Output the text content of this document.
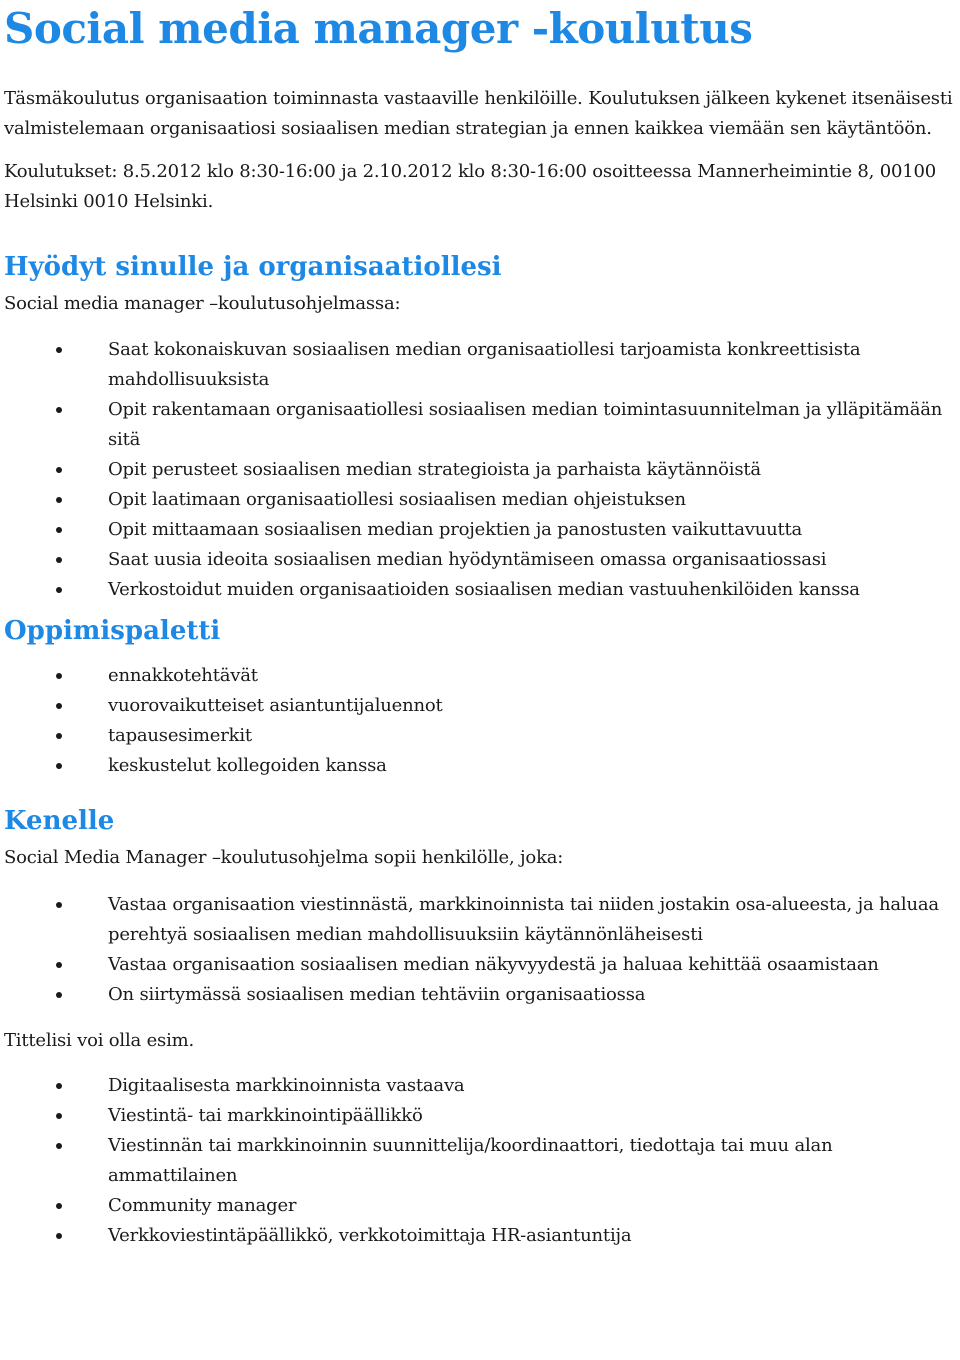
Social media manager -koulutus

Täsmäkoulutus organisaation toiminnasta vastaaville henkilöille. Koulutuksen jälkeen kykenet itsenäisesti valmistelemaan organisaatiosi sosiaalisen median strategian ja ennen kaikkea viemään sen käytäntöön.

Koulutukset: 8.5.2012 klo 8:30-16:00 ja 2.10.2012 klo 8:30-16:00 osoitteessa Mannerheimintie 8, 00100 Helsinki 0010 Helsinki.

Hyödyt sinulle ja organisaatiollesi

Social media manager –koulutusohjelmassa:

Saat kokonaiskuvan sosiaalisen median organisaatiollesi tarjoamista konkreettisista mahdollisuuksista
Opit rakentamaan organisaatiollesi sosiaalisen median toimintasuunnitelman ja ylläpitämään sitä
Opit perusteet sosiaalisen median strategioista ja parhaista käytännöistä
Opit laatimaan organisaatiollesi sosiaalisen median ohjeistuksen
Opit mittaamaan sosiaalisen median projektien ja panostusten vaikuttavuutta
Saat uusia ideoita sosiaalisen median hyödyntämiseen omassa organisaatiossasi
Verkostoidut muiden organisaatioiden sosiaalisen median vastuuhenkilöiden kanssa
Oppimispaletti
ennakkotehtävät
vuorovaikutteiset asiantuntijaluennot
tapausesimerkit
keskustelut kollegoiden kanssa
Kenelle

Social Media Manager –koulutusohjelma sopii henkilölle, joka:

Vastaa organisaation viestinnästä, markkinoinnista tai niiden jostakin osa-alueesta, ja haluaa perehtyä sosiaalisen median mahdollisuuksiin käytännönläheisesti
Vastaa organisaation sosiaalisen median näkyvyydestä ja haluaa kehittää osaamistaan
On siirtymässä sosiaalisen median tehtäviin organisaatiossa

Tittelisi voi olla esim.

Digitaalisesta markkinoinnista vastaava
Viestintä- tai markkinointipäällikkö
Viestinnän tai markkinoinnin suunnittelija/koordinaattori, tiedottaja tai muu alan ammattilainen
Community manager
Verkkoviestintäpäällikkö, verkkotoimittaja HR-asiantuntija
